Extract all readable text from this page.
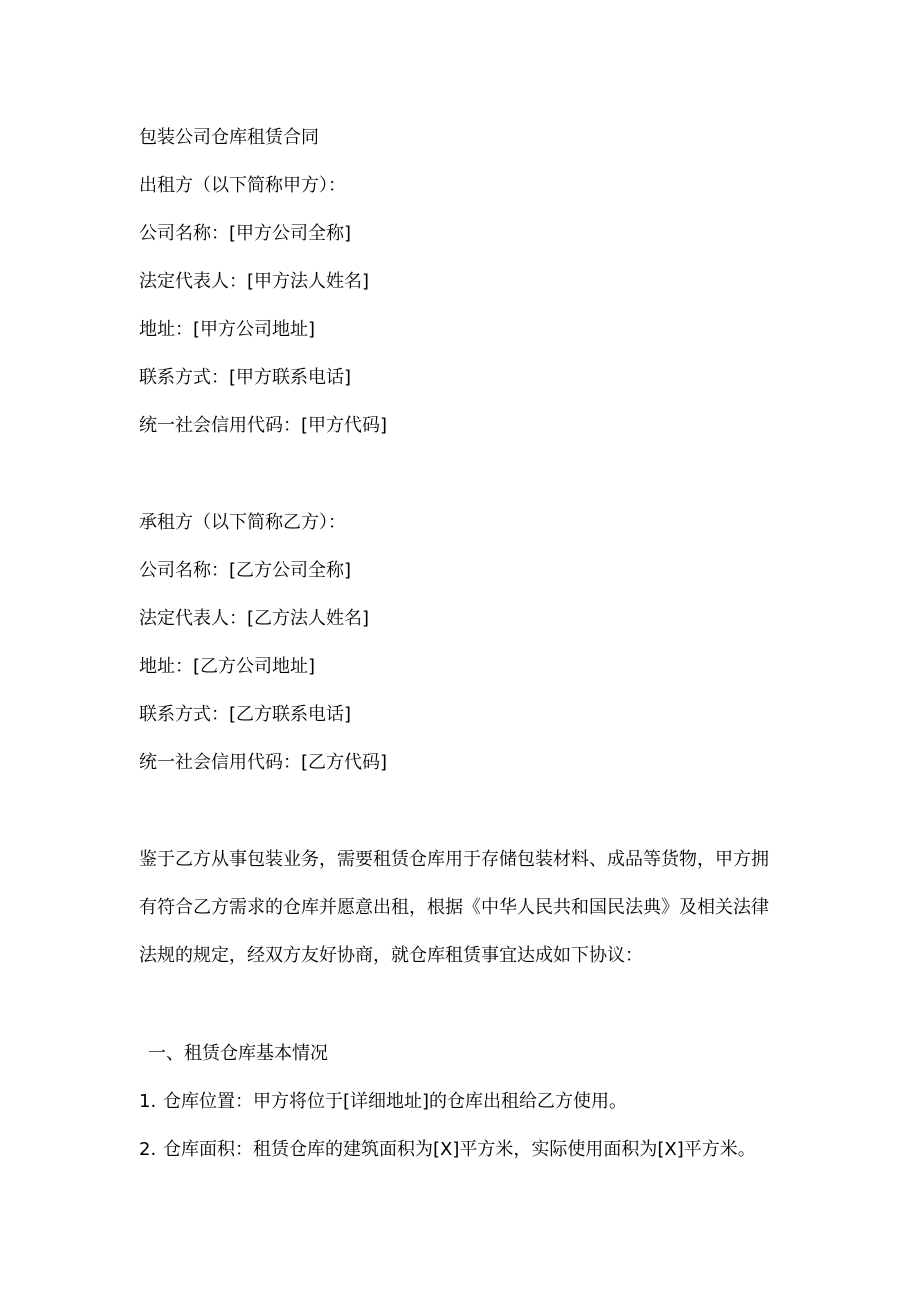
包装公司仓库租赁合同
出租方（以下简称甲方）：
公司名称：[甲方公司全称]
法定代表人：[甲方法人姓名]
地址：[甲方公司地址]
联系方式：[甲方联系电话]
统一社会信用代码：[甲方代码]
承租方（以下简称乙方）：
公司名称：[乙方公司全称]
法定代表人：[乙方法人姓名]
地址：[乙方公司地址]
联系方式：[乙方联系电话]
统一社会信用代码：[乙方代码]
鉴于乙方从事包装业务，需要租赁仓库用于存储包装材料、成品等货物，甲方拥
有符合乙方需求的仓库并愿意出租，根据《中华人民共和国民法典》及相关法律
法规的规定，经双方友好协商，就仓库租赁事宜达成如下协议：
一、租赁仓库基本情况
1. 仓库位置：甲方将位于[详细地址]的仓库出租给乙方使用。
2. 仓库面积：租赁仓库的建筑面积为[X]平方米，实际使用面积为[X]平方米。
